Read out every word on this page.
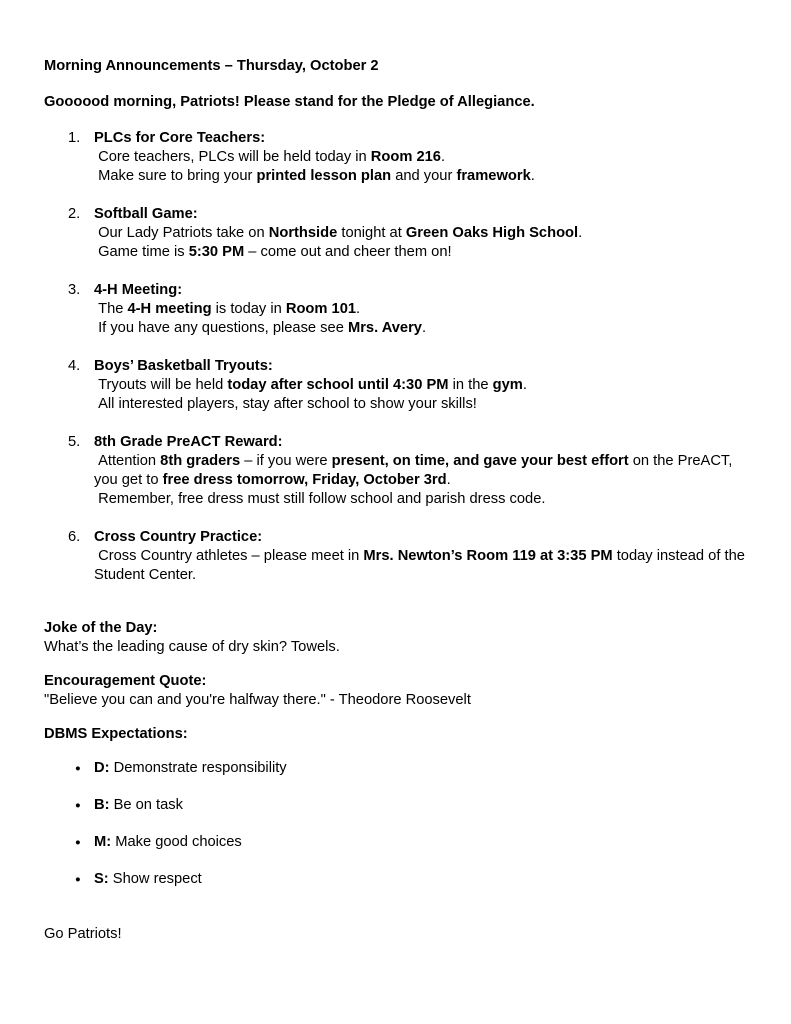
Morning Announcements – Thursday, October 2

Goooood morning, Patriots! Please stand for the Pledge of Allegiance.

1. PLCs for Core Teachers:
Core teachers, PLCs will be held today in Room 216.
Make sure to bring your printed lesson plan and your framework.
2. Softball Game:
Our Lady Patriots take on Northside tonight at Green Oaks High School.
Game time is 5:30 PM – come out and cheer them on!
3. 4-H Meeting:
The 4-H meeting is today in Room 101.
If you have any questions, please see Mrs. Avery.
4. Boys’ Basketball Tryouts:
Tryouts will be held today after school until 4:30 PM in the gym.
All interested players, stay after school to show your skills!
5. 8th Grade PreACT Reward:
Attention 8th graders – if you were present, on time, and gave your best effort on the PreACT, you get to free dress tomorrow, Friday, October 3rd.
Remember, free dress must still follow school and parish dress code.
6. Cross Country Practice:
Cross Country athletes – please meet in Mrs. Newton’s Room 119 at 3:35 PM today instead of the Student Center.
Joke of the Day:
What’s the leading cause of dry skin? Towels.
Encouragement Quote:
"Believe you can and you're halfway there." - Theodore Roosevelt
DBMS Expectations:
● D: Demonstrate responsibility
● B: Be on task
● M: Make good choices
● S: Show respect

Go Patriots!
